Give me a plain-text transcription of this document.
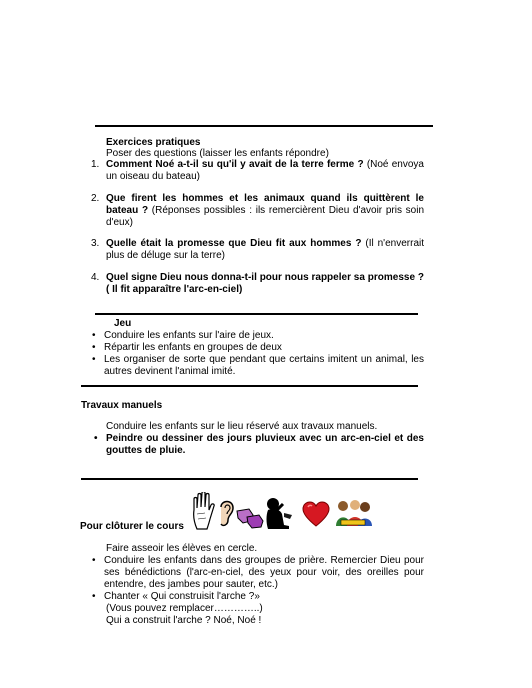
Exercices pratiques
Poser des questions (laisser les enfants répondre)
1. Comment Noé a-t-il su qu'il y avait de la terre ferme ? (Noé envoya un oiseau du bateau)
2. Que firent les hommes et les animaux quand ils quittèrent le bateau ? (Réponses possibles : ils remercièrent Dieu d'avoir pris soin d'eux)
3. Quelle était la promesse que Dieu fit aux hommes ? (Il n'enverrait plus de déluge sur la terre)
4. Quel signe Dieu nous donna-t-il pour nous rappeler sa promesse ? ( Il fit apparaître l'arc-en-ciel)
Jeu
• Conduire les enfants sur l'aire de jeux.
• Répartir les enfants en groupes de deux
• Les organiser de sorte que pendant que certains imitent un animal, les autres devinent l'animal imité.
Travaux manuels
Conduire les enfants sur le lieu réservé aux travaux manuels.
• Peindre ou dessiner des jours pluvieux avec un arc-en-ciel et des gouttes de pluie.
Pour clôturer le cours
Faire asseoir les élèves en cercle.
• Conduire les enfants dans des groupes de prière. Remercier Dieu pour ses bénédictions (l'arc-en-ciel, des yeux pour voir, des oreilles pour entendre, des jambes pour sauter, etc.)
• Chanter « Qui construisit l'arche ?»
(Vous pouvez remplacer…………..)
Qui a construit l'arche ? Noé, Noé !
